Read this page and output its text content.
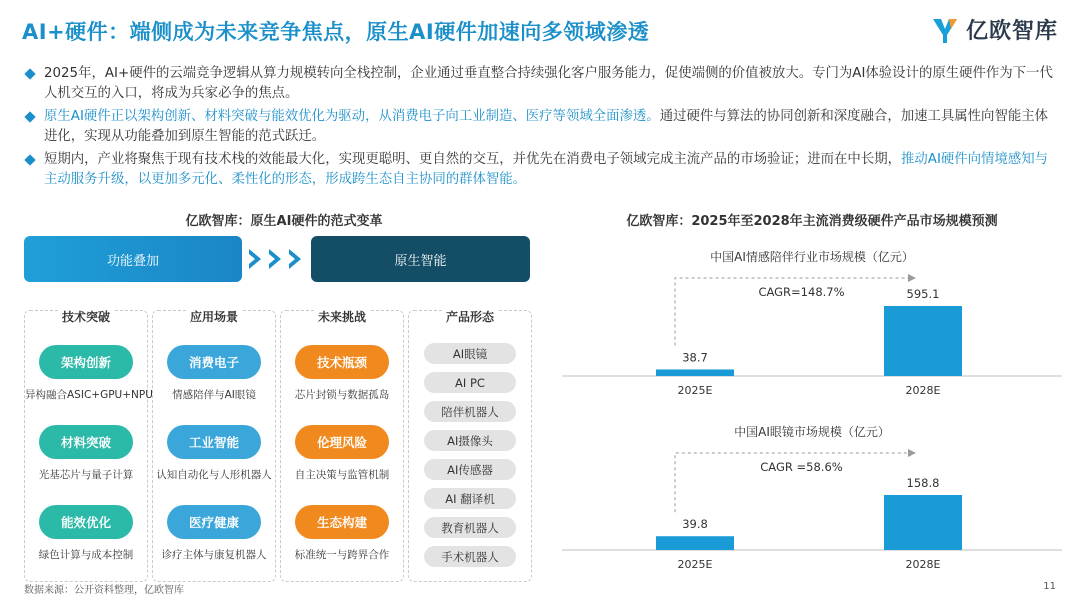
AI+硬件：端侧成为未来竞争焦点，原生AI硬件加速向多领域渗透	亿欧智库
2025年，AI+硬件的云端竞争逻辑从算力规模转向全栈控制，企业通过垂直整合持续强化客户服务能力，促使端侧的价值被放大。专门为AI体验设计的原生硬件作为下一代人机交互的入口，将成为兵家必争的焦点。
原生AI硬件正以架构创新、材料突破与能效优化为驱动，从消费电子向工业制造、医疗等领域全面渗透。通过硬件与算法的协同创新和深度融合，加速工具属性向智能主体进化，实现从功能叠加到原生智能的范式跃迁。
短期内，产业将聚焦于现有技术栈的效能最大化，实现更聪明、更自然的交互，并优先在消费电子领域完成主流产品的市场验证；进而在中长期，推动AI硬件向情境感知与主动服务升级，以更加多元化、柔性化的形态，形成跨生态自主协同的群体智能。
亿欧智库：原生AI硬件的范式变革	亿欧智库：2025年至2028年主流消费级硬件产品市场规模预测
功能叠加	原生智能
技术突破
架构创新
异构融合ASIC+GPU+NPU
材料突破
光基芯片与量子计算
能效优化
绿色计算与成本控制
应用场景
消费电子
情感陪伴与AI眼镜
工业智能
认知自动化与人形机器人
医疗健康
诊疗主体与康复机器人
未来挑战
技术瓶颈
芯片封锁与数据孤岛
伦理风险
自主决策与监管机制
生态构建
标准统一与跨界合作
产品形态
AI眼镜
AI PC
陪伴机器人
AI摄像头
AI传感器
AI 翻译机
教育机器人
手术机器人
中国AI情感陪伴行业市场规模（亿元）
38.7
2025E
595.1
2028E
CAGR=148.7%
中国AI眼镜市场规模（亿元）
39.8
2025E
158.8
2028E
CAGR =58.6%
数据来源：公开资料整理，亿欧智库	11
